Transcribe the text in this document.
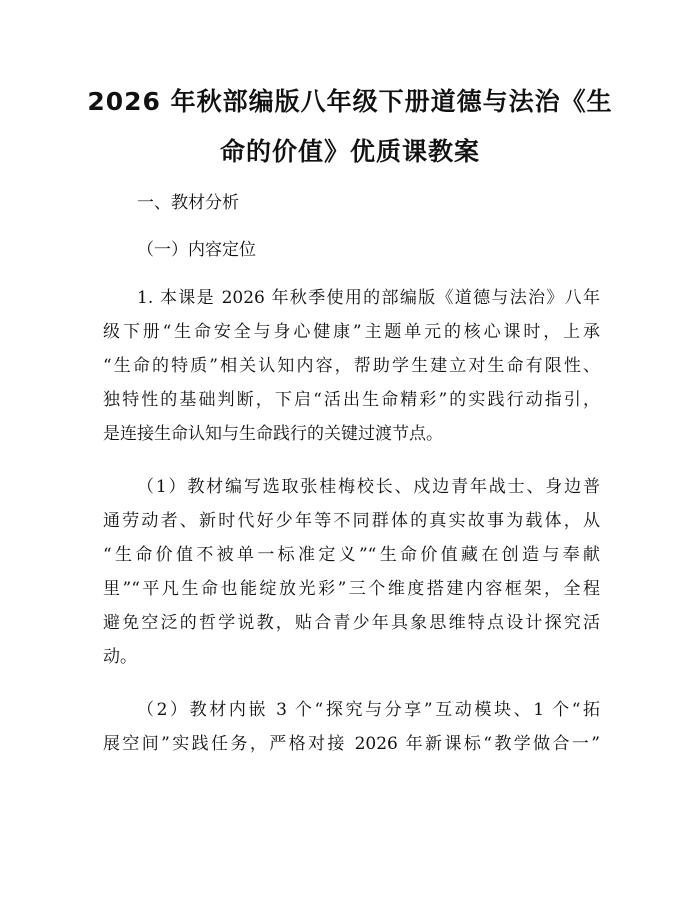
2026 年秋部编版八年级下册道德与法治《生
命的价值》优质课教案
一、教材分析
（一）内容定位
1. 本课是 2026 年秋季使用的部编版《道德与法治》八年
级下册“生命安全与身心健康”主题单元的核心课时，上承
“生命的特质”相关认知内容，帮助学生建立对生命有限性、
独特性的基础判断，下启“活出生命精彩”的实践行动指引，
是连接生命认知与生命践行的关键过渡节点。
（1）教材编写选取张桂梅校长、戍边青年战士、身边普
通劳动者、新时代好少年等不同群体的真实故事为载体，从
“生命价值不被单一标准定义”“生命价值藏在创造与奉献
里”“平凡生命也能绽放光彩”三个维度搭建内容框架，全程
避免空泛的哲学说教，贴合青少年具象思维特点设计探究活
动。
（2）教材内嵌 3 个“探究与分享”互动模块、1 个“拓
展空间”实践任务，严格对接 2026 年新课标“教学做合一”
